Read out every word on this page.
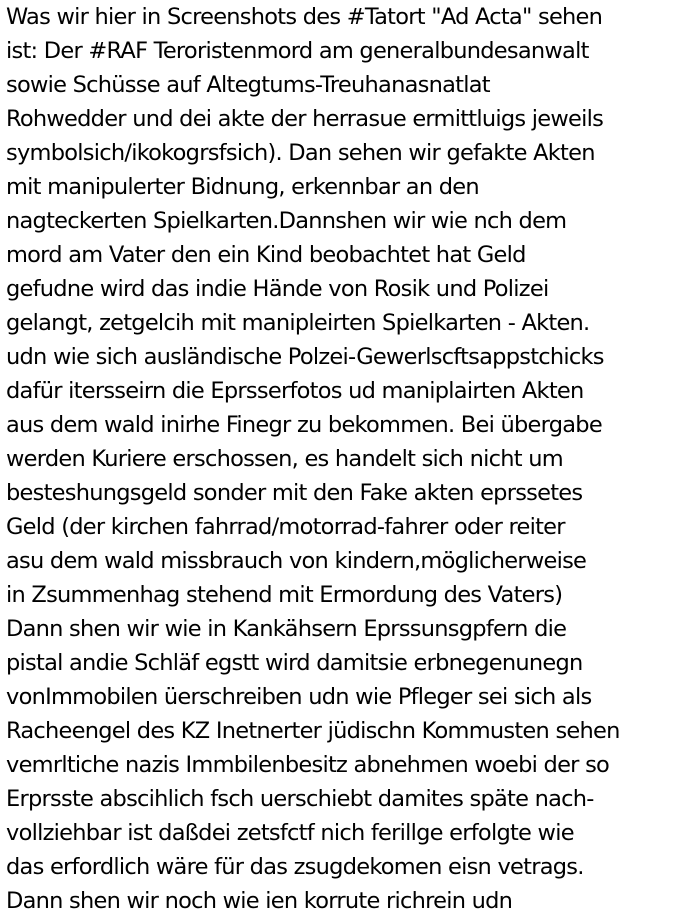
Was wir hier in Screenshots des #Tatort "Ad Acta" sehen
ist: Der #RAF Teroristenmord am generalbundesanwalt
sowie Schüsse auf Altegtums-Treuhanasnatlat
Rohwedder und dei akte der herrasue ermittluigs jeweils
symbolsich/ikokogrsfsich). Dan sehen wir gefakte Akten
mit manipulerter Bidnung, erkennbar an den
nagteckerten Spielkarten.Dannshen wir wie nch dem
mord am Vater den ein Kind beobachtet hat Geld
gefudne wird das indie Hände von Rosik und Polizei
gelangt, zetgelcih mit manipleirten Spielkarten - Akten.
udn wie sich ausländische Polzei-Gewerlscftsappstchicks
dafür itersseirn die Eprsserfotos ud maniplairten Akten
aus dem wald inirhe Finegr zu bekommen. Bei übergabe
werden Kuriere erschossen, es handelt sich nicht um
besteshungsgeld sonder mit den Fake akten eprssetes
Geld (der kirchen fahrrad/motorrad-fahrer oder reiter
asu dem wald missbrauch von kindern,möglicherweise
in Zsummenhag stehend mit Ermordung des Vaters)
Dann shen wir wie in Kankähsern Eprssunsgpfern die
pistal andie Schläf egstt wird damitsie erbnegenunegn
vonImmobilen üerschreiben udn wie Pfleger sei sich als
Racheengel des KZ Inetnerter jüdischn Kommusten sehen
vemrltiche nazis Immbilenbesitz abnehmen woebi der so
Erprsste abscihlich fsch uerschiebt damites späte nach-
vollziehbar ist daßdei zetsfctf nich ferillge erfolgte wie
das erfordlich wäre für das zsugdekomen eisn vetrags.
Dann shen wir noch wie ien korrute richrein udn
